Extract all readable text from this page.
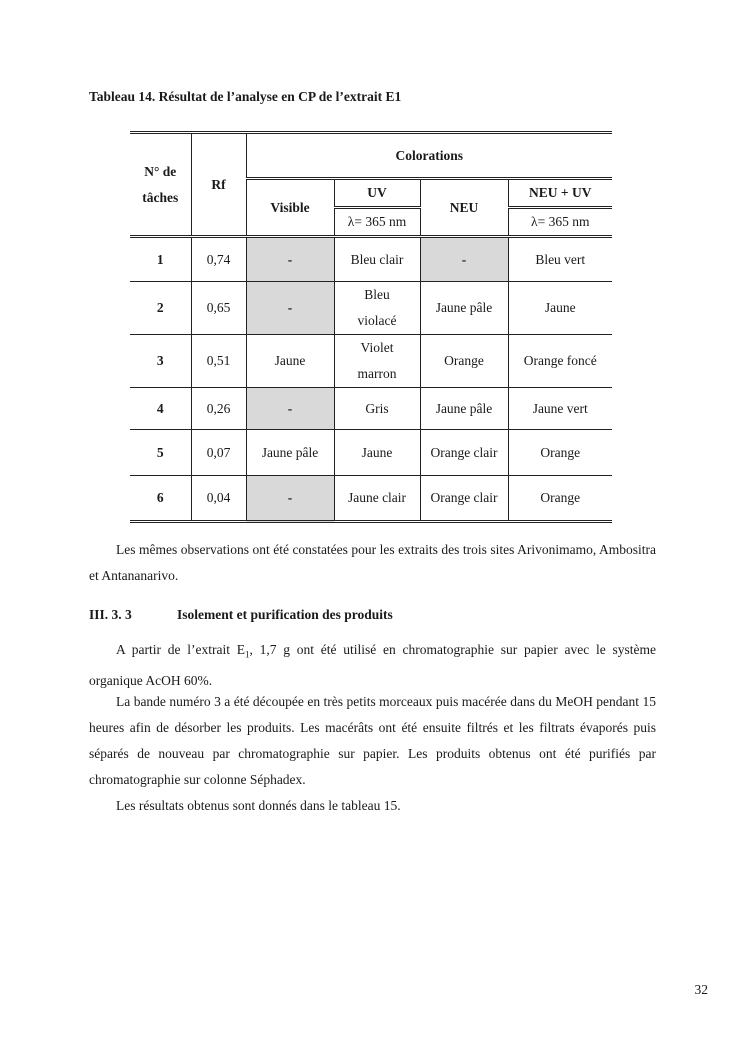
Tableau 14. Résultat de l’analyse en CP de l’extrait E1
N° de
tâches	Rf	Colorations			
		Visible	UV	NEU	NEU + UV
			λ= 365 nm		λ= 365 nm
1	0,74	-	Bleu clair	-	Bleu vert
2	0,65	-	Bleu
violacé	Jaune pâle	Jaune
3	0,51	Jaune	Violet
marron	Orange	Orange foncé
4	0,26	-	Gris	Jaune pâle	Jaune vert
5	0,07	Jaune pâle	Jaune	Orange clair	Orange
6	0,04	-	Jaune clair	Orange clair	Orange

Les mêmes observations ont été constatées pour les extraits des trois sites Arivonimamo, Ambositra et Antananarivo.

III. 3. 3	Isolement et purification des produits

A partir de l’extrait $E_1$, 1,7 g ont été utilisé en chromatographie sur papier avec le système organique AcOH 60%.

La bande numéro 3 a été découpée en très petits morceaux puis macérée dans du MeOH pendant 15 heures afin de désorber les produits. Les macérâts ont été ensuite filtrés et les filtrats évaporés puis séparés de nouveau par chromatographie sur papier. Les produits obtenus ont été purifiés par chromatographie sur colonne Séphadex.

Les résultats obtenus sont donnés dans le tableau 15.

32
